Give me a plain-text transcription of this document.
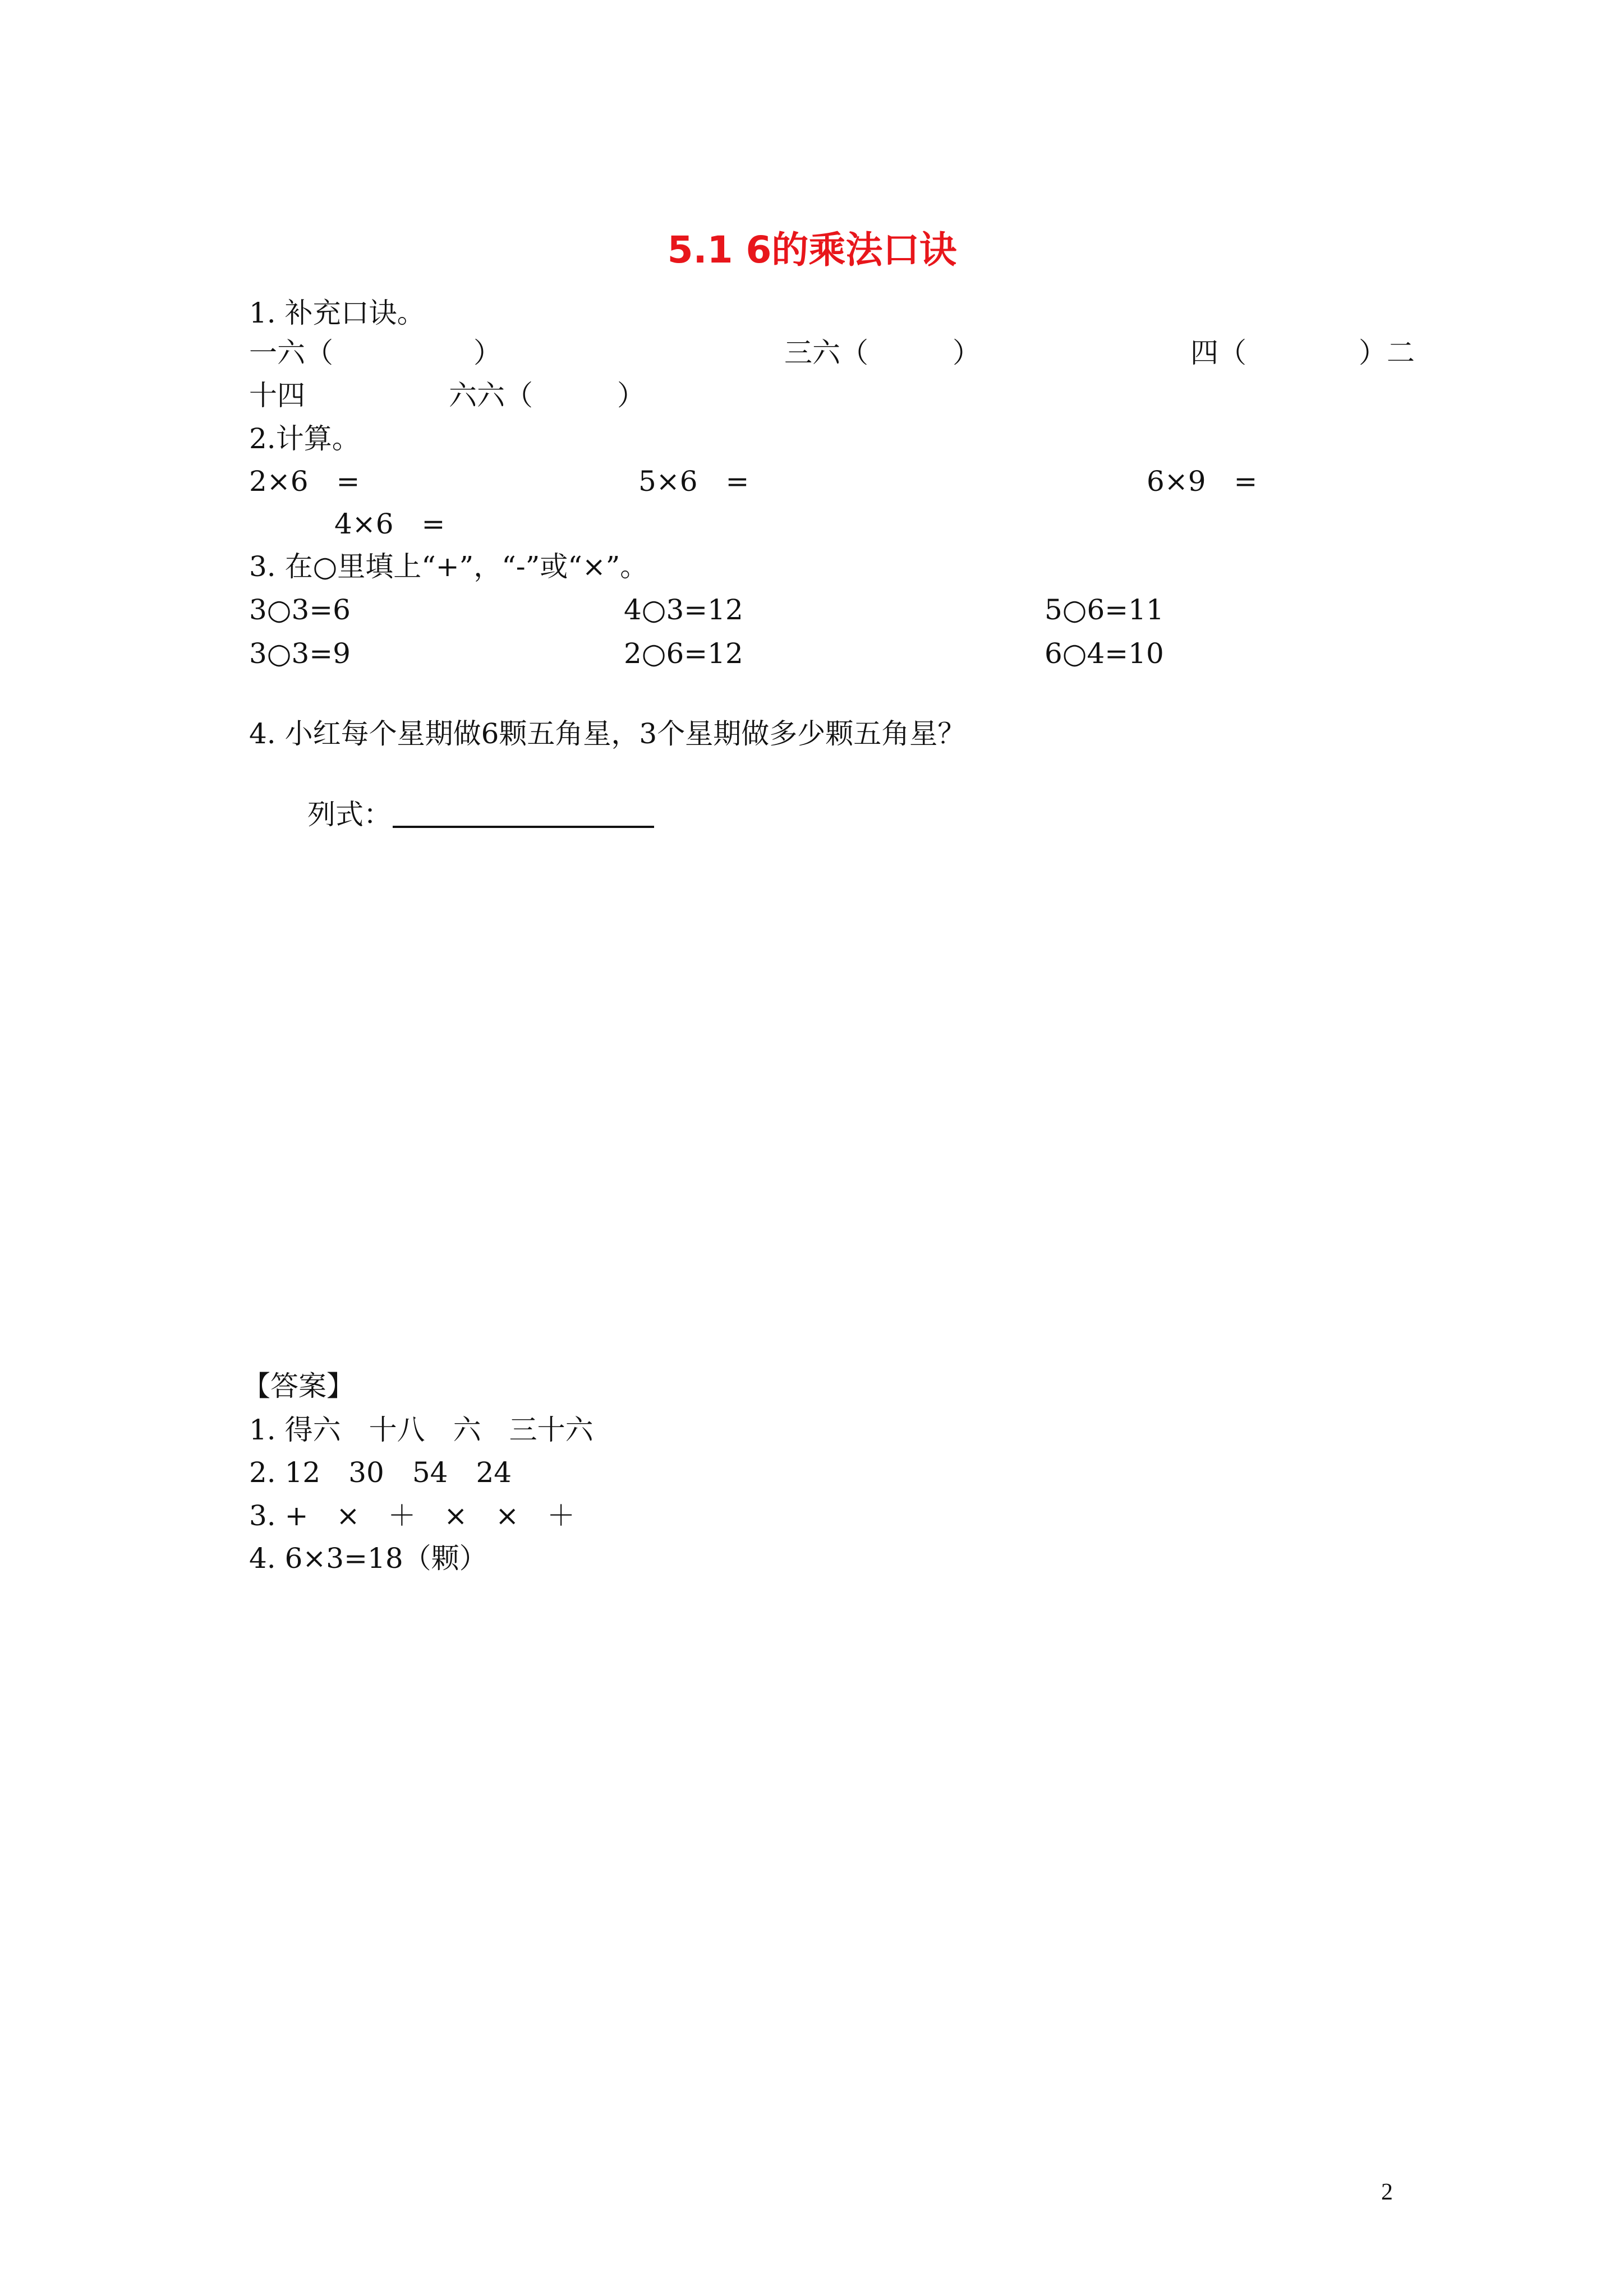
5.1 6的乘法口诀
1. 补充口诀。
一六（　　　　　）	三六（　　　）	四（　　　　）二
十四	六六（　　　）
2.计算。
2×6　=	5×6　=	6×9　=
4×6　=
3. 在○里填上“+”，“-”或“×”。
3○3=6	4○3=12	5○6=11
3○3=9	2○6=12	6○4=10
4. 小红每个星期做6颗五角星，3个星期做多少颗五角星？
列式：
【答案】
1. 得六　十八　六　三十六
2. 12　30　54　24
3. +　×　＋　×　×　＋
4. 6×3=18（颗）
2
